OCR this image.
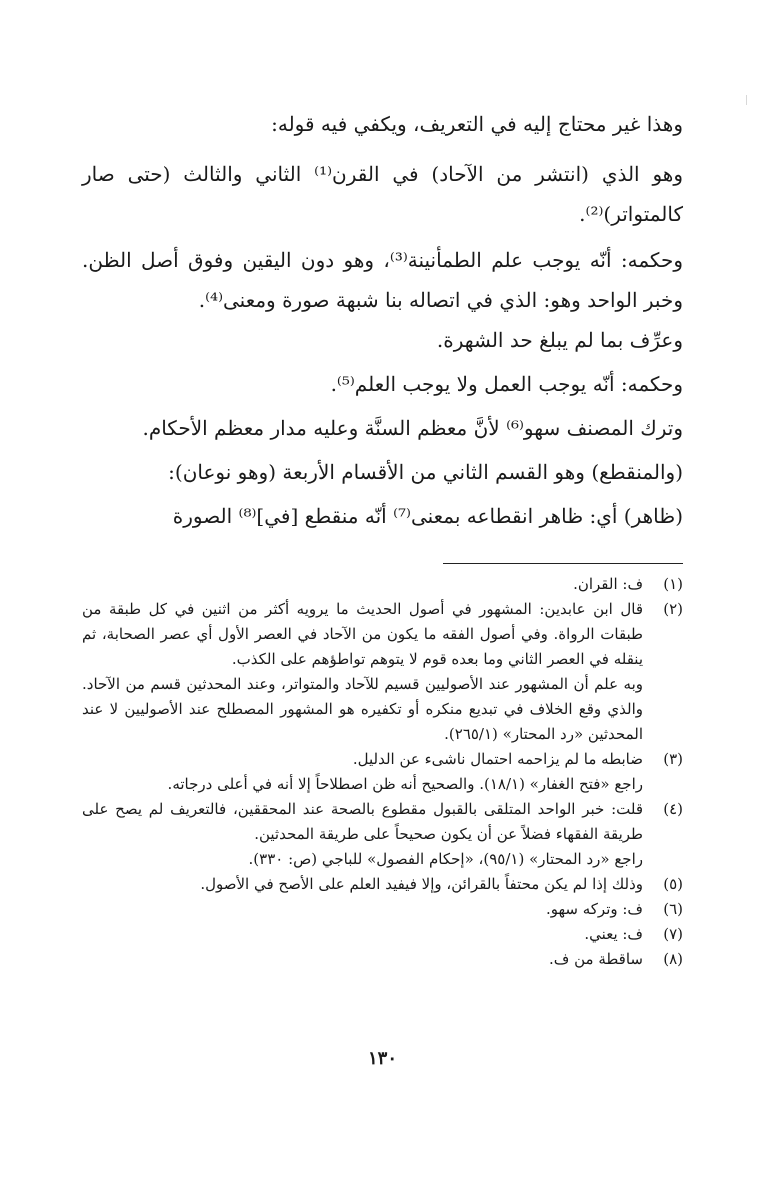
وهذا غير محتاج إليه في التعريف، ويكفي فيه قوله:

وهو الذي (انتشر من الآحاد) في القرن⁽¹⁾ الثاني والثالث (حتى صار كالمتواتر)⁽²⁾.

وحكمه: أنّه يوجب علم الطمأنينة⁽³⁾، وهو دون اليقين وفوق أصل الظن. وخبر الواحد وهو: الذي في اتصاله بنا شبهة صورة ومعنى⁽⁴⁾.

وعرِّف بما لم يبلغ حد الشهرة.

وحكمه: أنّه يوجب العمل ولا يوجب العلم⁽⁵⁾.

وترك المصنف سهو⁽⁶⁾ لأنَّ معظم السنَّة وعليه مدار معظم الأحكام.

(والمنقطع) وهو القسم الثاني من الأقسام الأربعة (وهو نوعان):

(ظاهر) أي: ظاهر انقطاعه بمعنى⁽⁷⁾ أنّه منقطع [في]⁽⁸⁾ الصورة

(١)

ف: القران.

(٢)

قال ابن عابدين: المشهور في أصول الحديث ما يرويه أكثر من اثنين في كل طبقة من طبقات الرواة. وفي أصول الفقه ما يكون من الآحاد في العصر الأول أي عصر الصحابة، ثم ينقله في العصر الثاني وما بعده قوم لا يتوهم تواطؤهم على الكذب.

وبه علم أن المشهور عند الأصوليين قسيم للآحاد والمتواتر، وعند المحدثين قسم من الآحاد. والذي وقع الخلاف في تبديع منكره أو تكفيره هو المشهور المصطلح عند الأصوليين لا عند المحدثين «رد المحتار» (٢٦٥/١).

(٣)

ضابطه ما لم يزاحمه احتمال ناشىء عن الدليل.

راجع «فتح الغفار» (١٨/١). والصحيح أنه ظن اصطلاحاً إلا أنه في أعلى درجاته.

(٤)

قلت: خبر الواحد المتلقى بالقبول مقطوع بالصحة عند المحققين، فالتعريف لم يصح على طريقة الفقهاء فضلاً عن أن يكون صحيحاً على طريقة المحدثين.

راجع «رد المحتار» (٩٥/١)، «إحكام الفصول» للباجي (ص: ٣٣٠).

(٥)

وذلك إذا لم يكن محتفاً بالقرائن، وإلا فيفيد العلم على الأصح في الأصول.

(٦)

ف: وتركه سهو.

(٧)

ف: يعني.

(٨)

ساقطة من ف.

١٣٠
